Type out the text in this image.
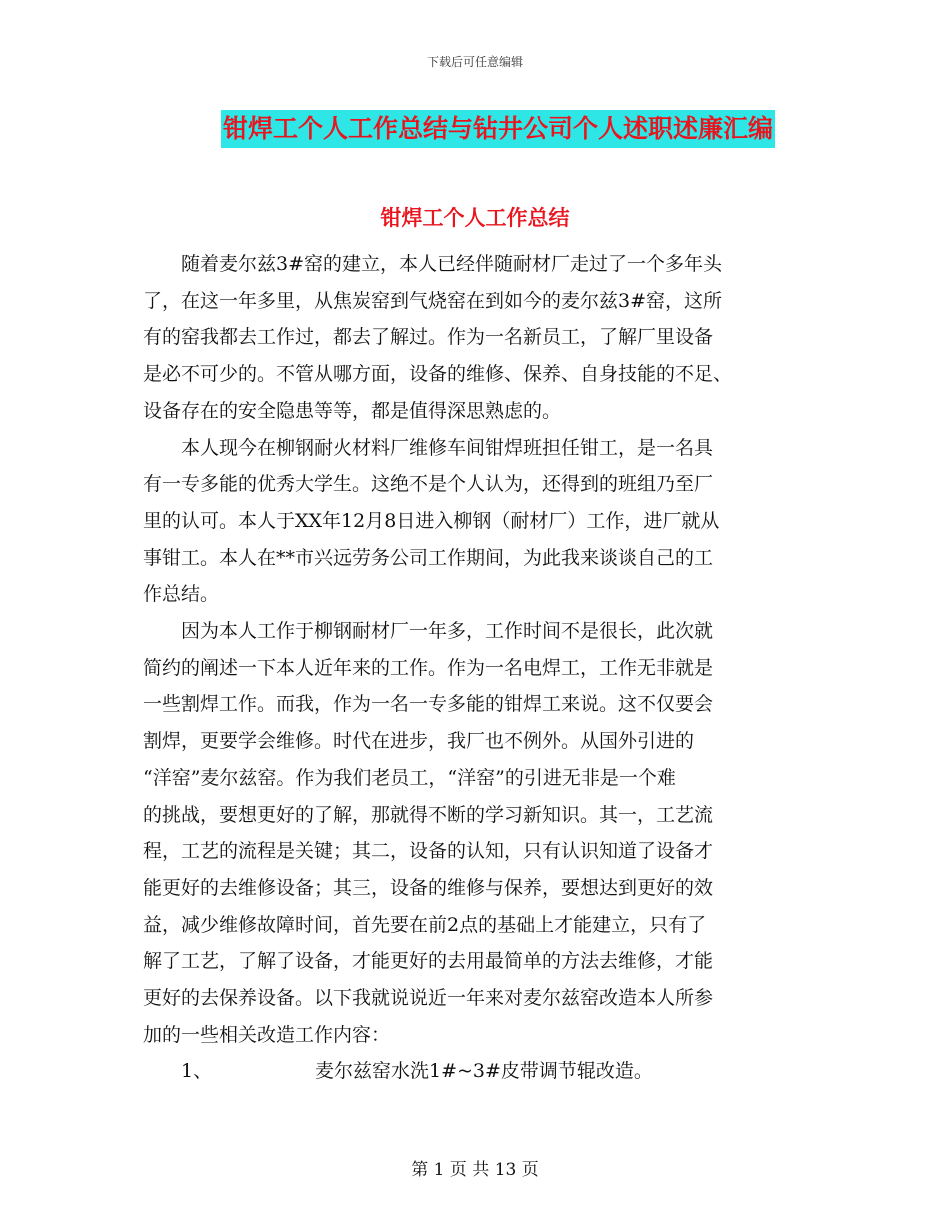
下载后可任意编辑
钳焊工个人工作总结与钻井公司个人述职述廉汇编
钳焊工个人工作总结

随着麦尔兹3#窑的建立，本人已经伴随耐材厂走过了一个多年头
了，在这一年多里，从焦炭窑到气烧窑在到如今的麦尔兹3#窑，这所
有的窑我都去工作过，都去了解过。作为一名新员工，了解厂里设备
是必不可少的。不管从哪方面，设备的维修、保养、自身技能的不足、
设备存在的安全隐患等等，都是值得深思熟虑的。

本人现今在柳钢耐火材料厂维修车间钳焊班担任钳工，是一名具
有一专多能的优秀大学生。这绝不是个人认为，还得到的班组乃至厂
里的认可。本人于XX年12月8日进入柳钢（耐材厂）工作，进厂就从
事钳工。本人在**市兴远劳务公司工作期间，为此我来谈谈自己的工
作总结。

因为本人工作于柳钢耐材厂一年多，工作时间不是很长，此次就
简约的阐述一下本人近年来的工作。作为一名电焊工，工作无非就是
一些割焊工作。而我，作为一名一专多能的钳焊工来说。这不仅要会
割焊，更要学会维修。时代在进步，我厂也不例外。从国外引进的
“洋窑”麦尔兹窑。作为我们老员工，“洋窑”的引进无非是一个难
的挑战，要想更好的了解，那就得不断的学习新知识。其一，工艺流
程，工艺的流程是关键；其二，设备的认知，只有认识知道了设备才
能更好的去维修设备；其三，设备的维修与保养，要想达到更好的效
益，减少维修故障时间，首先要在前2点的基础上才能建立，只有了
解了工艺，了解了设备，才能更好的去用最简单的方法去维修，才能
更好的去保养设备。以下我就说说近一年来对麦尔兹窑改造本人所参
加的一些相关改造工作内容：

1、	麦尔兹窑水洗1#~3#皮带调节辊改造。

第 1 页 共 13 页
